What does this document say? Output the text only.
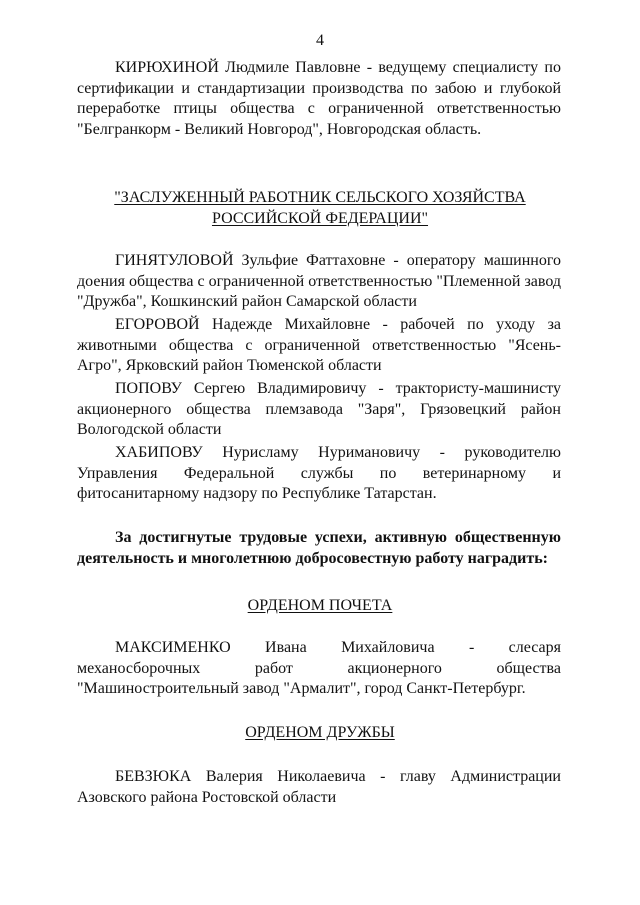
4

КИРЮХИНОЙ Людмиле Павловне - ведущему специалисту по сертификации и стандартизации производства по забою и глубокой переработке птицы общества с ограниченной ответственностью "Белгранкорм - Великий Новгород", Новгородская область.

"ЗАСЛУЖЕННЫЙ РАБОТНИК СЕЛЬСКОГО ХОЗЯЙСТВА
РОССИЙСКОЙ ФЕДЕРАЦИИ"

ГИНЯТУЛОВОЙ Зульфие Фаттаховне - оператору машинного доения общества с ограниченной ответственностью "Племенной завод "Дружба", Кошкинский район Самарской области

ЕГОРОВОЙ Надежде Михайловне - рабочей по уходу за животными общества с ограниченной ответственностью "Ясень-Агро", Ярковский район Тюменской области

ПОПОВУ Сергею Владимировичу - трактористу-машинисту акционерного общества племзавода "Заря", Грязовецкий район Вологодской области

ХАБИПОВУ Нурисламу Нуримановичу - руководителю Управления Федеральной службы по ветеринарному и фитосанитарному надзору по Республике Татарстан.

За достигнутые трудовые успехи, активную общественную деятельность и многолетнюю добросовестную работу наградить:

ОРДЕНОМ ПОЧЕТА

МАКСИМЕНКО Ивана Михайловича - слесаря механосборочных работ акционерного общества "Машиностроительный завод "Армалит", город Санкт-Петербург.

ОРДЕНОМ ДРУЖБЫ

БЕВЗЮКА Валерия Николаевича - главу Администрации Азовского района Ростовской области
